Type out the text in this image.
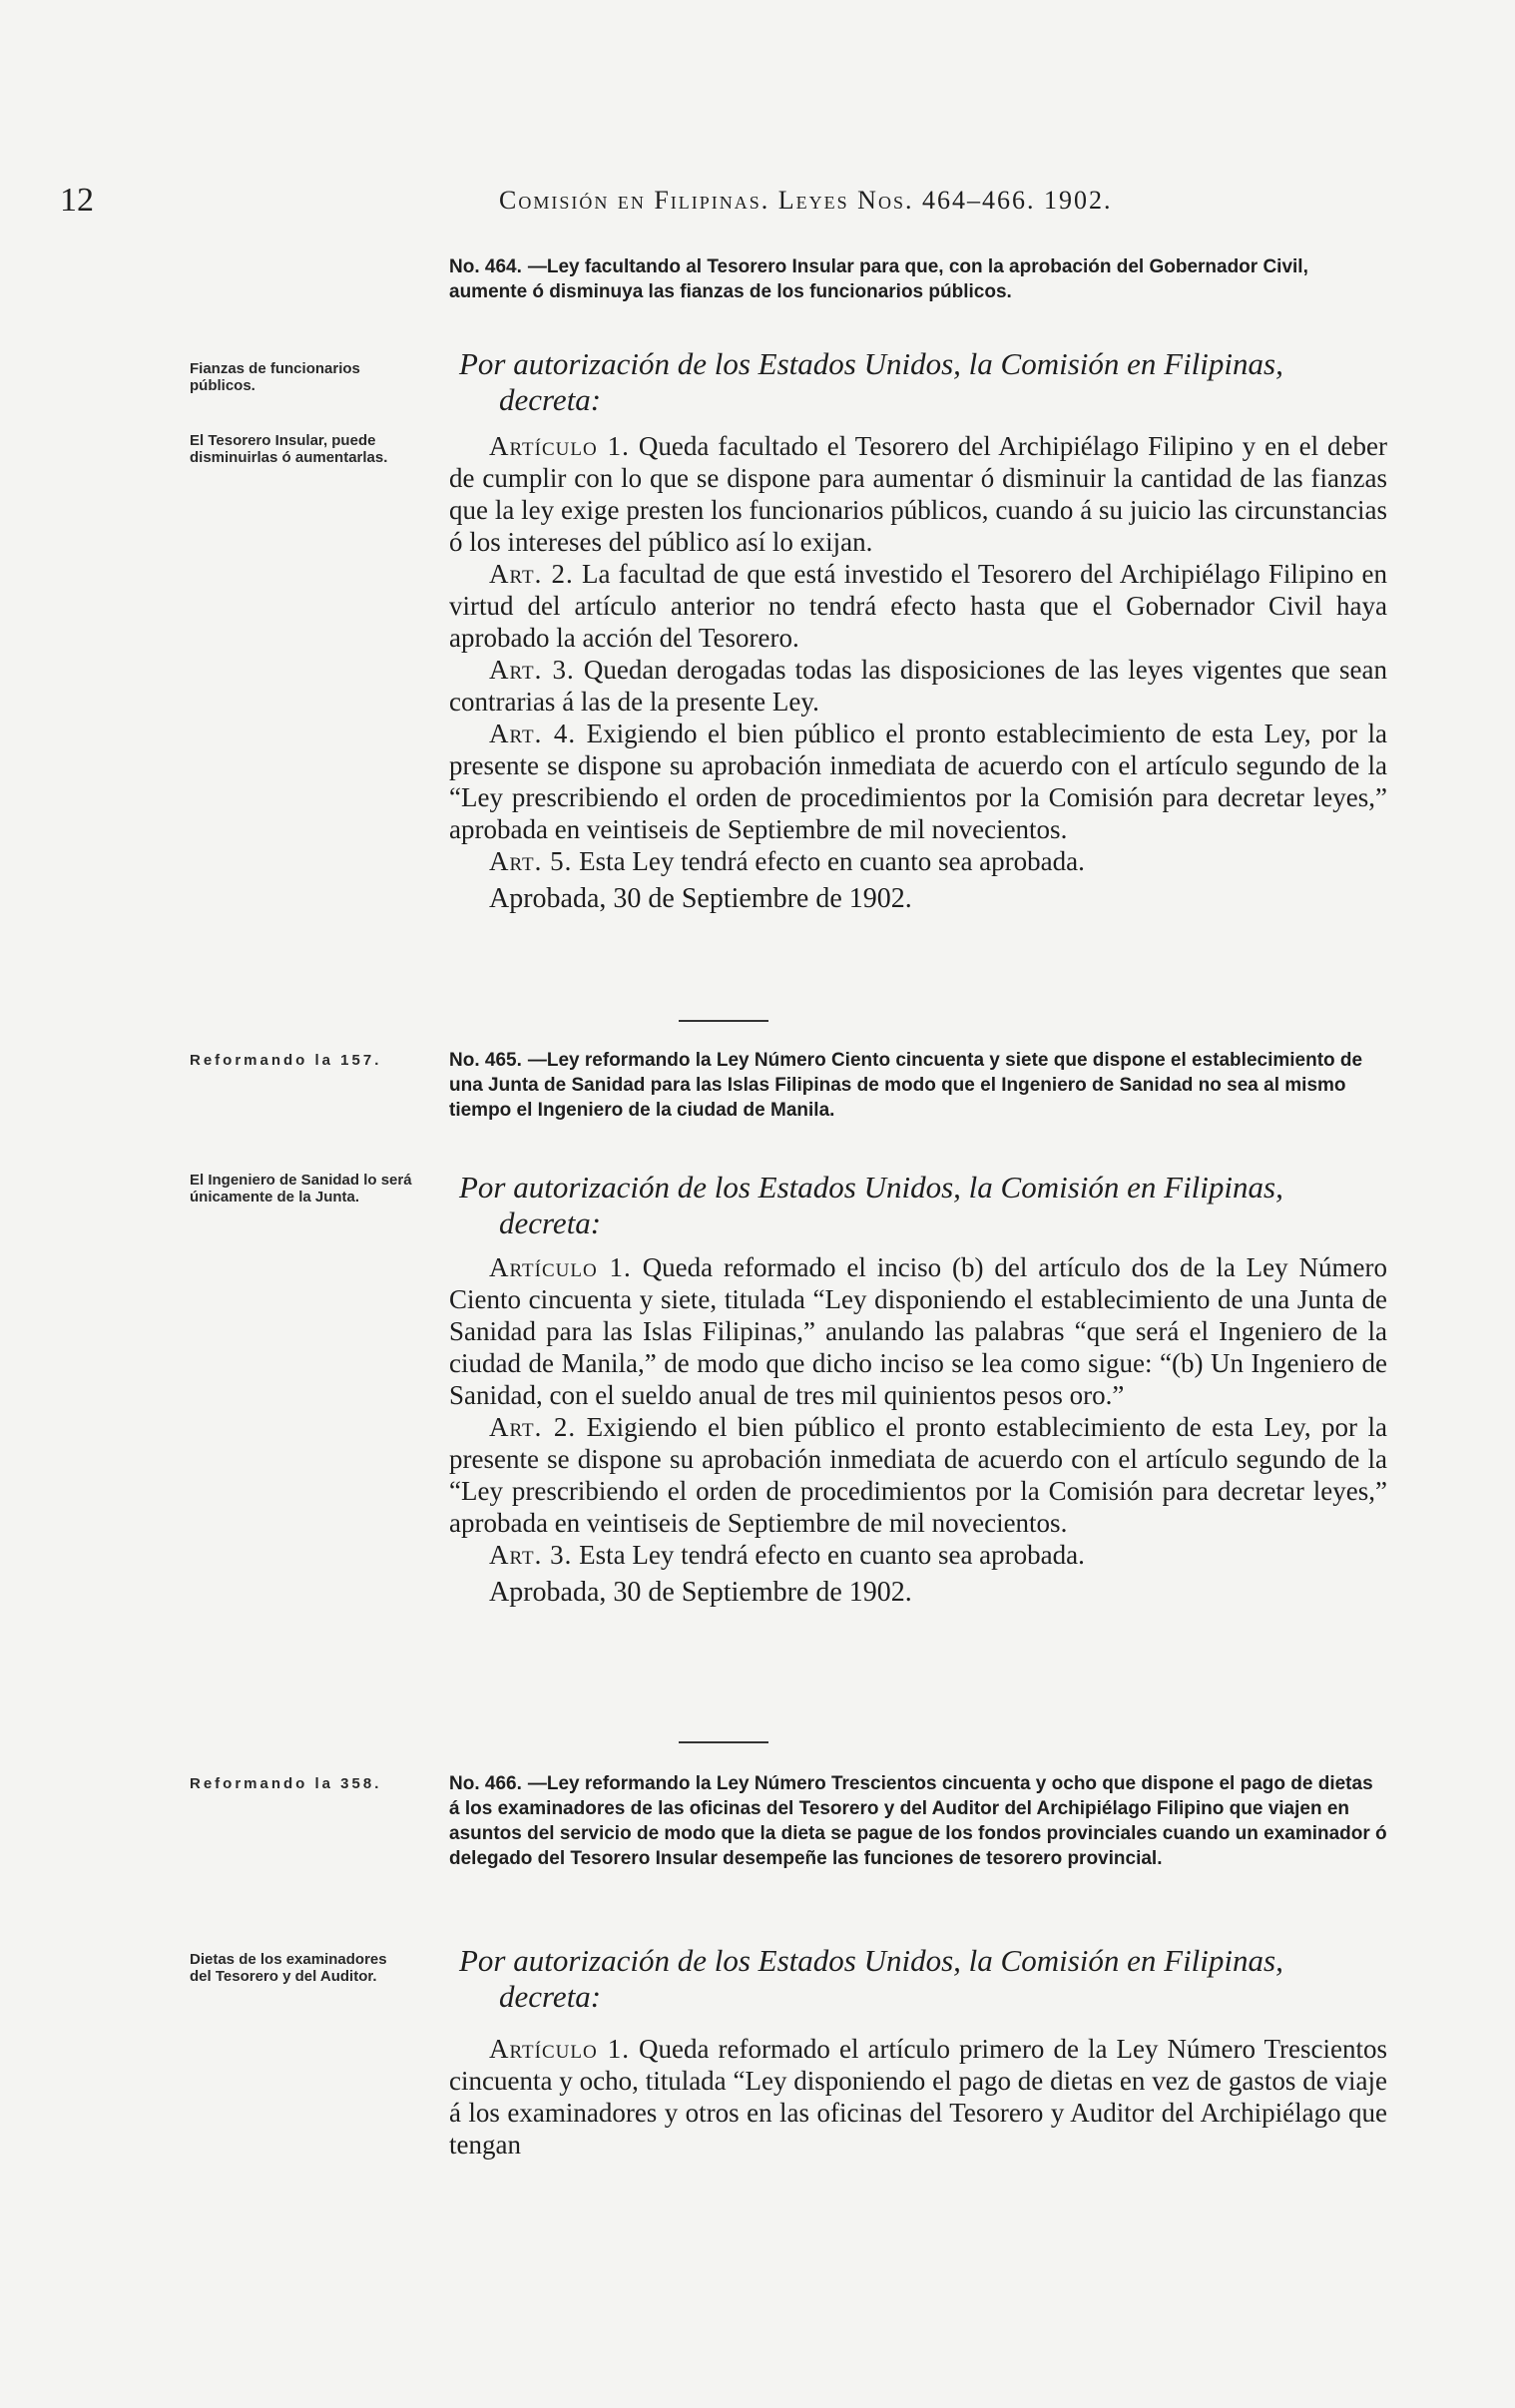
12	Comisión en Filipinas. Leyes Nos. 464–466. 1902.
Fianzas de funcionarios públicos.
El Tesorero Insular, puede disminuirlas ó aumentarlas.
No. 464. —Ley facultando al Tesorero Insular para que, con la aprobación del Gobernador Civil, aumente ó disminuya las fianzas de los funcionarios públicos.
Por autorización de los Estados Unidos, la Comisión en Filipinas,
decreta:

Artículo 1. Queda facultado el Tesorero del Archipiélago Filipino y en el deber de cumplir con lo que se dispone para aumentar ó disminuir la cantidad de las fianzas que la ley exige presten los funcionarios públicos, cuando á su juicio las circunstancias ó los intereses del público así lo exijan.

Art. 2. La facultad de que está investido el Tesorero del Archipiélago Filipino en virtud del artículo anterior no tendrá efecto hasta que el Gobernador Civil haya aprobado la acción del Tesorero.

Art. 3. Quedan derogadas todas las disposiciones de las leyes vigentes que sean contrarias á las de la presente Ley.

Art. 4. Exigiendo el bien público el pronto establecimiento de esta Ley, por la presente se dispone su aprobación inmediata de acuerdo con el artículo segundo de la “Ley prescribiendo el orden de procedimientos por la Comisión para decretar leyes,” aprobada en veintiseis de Septiembre de mil novecientos.

Art. 5. Esta Ley tendrá efecto en cuanto sea aprobada.

Aprobada, 30 de Septiembre de 1902.

Reformando la 157.
El Ingeniero de Sanidad lo será únicamente de la Junta.
No. 465. —Ley reformando la Ley Número Ciento cincuenta y siete que dispone el establecimiento de una Junta de Sanidad para las Islas Filipinas de modo que el Ingeniero de Sanidad no sea al mismo tiempo el Ingeniero de la ciudad de Manila.
Por autorización de los Estados Unidos, la Comisión en Filipinas,
decreta:

Artículo 1. Queda reformado el inciso (b) del artículo dos de la Ley Número Ciento cincuenta y siete, titulada “Ley disponiendo el establecimiento de una Junta de Sanidad para las Islas Filipinas,” anulando las palabras “que será el Ingeniero de la ciudad de Manila,” de modo que dicho inciso se lea como sigue: “(b) Un Ingeniero de Sanidad, con el sueldo anual de tres mil quinientos pesos oro.”

Art. 2. Exigiendo el bien público el pronto establecimiento de esta Ley, por la presente se dispone su aprobación inmediata de acuerdo con el artículo segundo de la “Ley prescribiendo el orden de procedimientos por la Comisión para decretar leyes,” aprobada en veintiseis de Septiembre de mil novecientos.

Art. 3. Esta Ley tendrá efecto en cuanto sea aprobada.

Aprobada, 30 de Septiembre de 1902.

Reformando la 358.
Dietas de los examinadores del Tesorero y del Auditor.
No. 466. —Ley reformando la Ley Número Trescientos cincuenta y ocho que dispone el pago de dietas á los examinadores de las oficinas del Tesorero y del Auditor del Archipiélago Filipino que viajen en asuntos del servicio de modo que la dieta se pague de los fondos provinciales cuando un examinador ó delegado del Tesorero Insular desempeñe las funciones de tesorero provincial.
Por autorización de los Estados Unidos, la Comisión en Filipinas,
decreta:

Artículo 1. Queda reformado el artículo primero de la Ley Número Trescientos cincuenta y ocho, titulada “Ley disponiendo el pago de dietas en vez de gastos de viaje á los examinadores y otros en las oficinas del Tesorero y Auditor del Archipiélago que tengan
